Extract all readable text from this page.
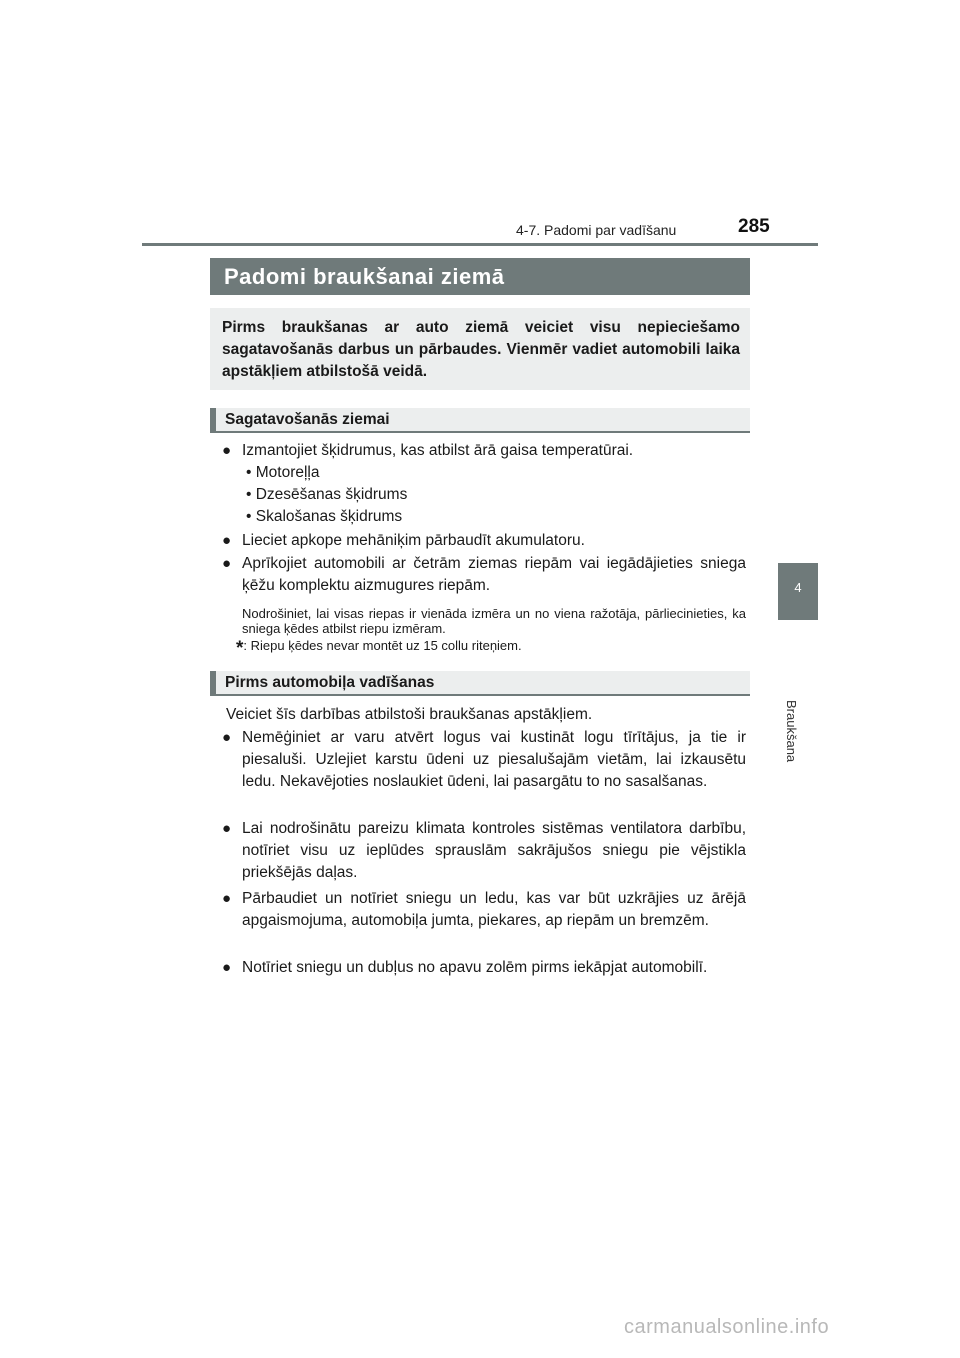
4-7. Padomi par vadīšanu	285
4
Braukšana
Padomi braukšanai ziemā
Pirms braukšanas ar auto ziemā veiciet visu nepieciešamo sagatavošanās darbus un pārbaudes. Vienmēr vadiet automobili laika apstākļiem atbilstošā veidā.
Sagatavošanās ziemai
● Izmantojiet šķidrumus, kas atbilst ārā gaisa temperatūrai.
• Motoreļļa
• Dzesēšanas šķidrums
• Skalošanas šķidrums
● Lieciet apkope mehāniķim pārbaudīt akumulatoru.
● Aprīkojiet automobili ar četrām ziemas riepām vai iegādājieties sniega ķēžu komplektu aizmugures riepām.
Nodrošiniet, lai visas riepas ir vienāda izmēra un no viena ražotāja, pārliecinieties, ka sniega ķēdes atbilst riepu izmēram.
*: Riepu ķēdes nevar montēt uz 15 collu riteņiem.
Pirms automobiļa vadīšanas
Veiciet šīs darbības atbilstoši braukšanas apstākļiem.
● Nemēģiniet ar varu atvērt logus vai kustināt logu tīrītājus, ja tie ir piesaluši. Uzlejiet karstu ūdeni uz piesalušajām vietām, lai izkausētu ledu. Nekavējoties noslaukiet ūdeni, lai pasargātu to no sasalšanas.
● Lai nodrošinātu pareizu klimata kontroles sistēmas ventilatora darbību, notīriet visu uz ieplūdes sprauslām sakrājušos sniegu pie vējstikla priekšējās daļas.
● Pārbaudiet un notīriet sniegu un ledu, kas var būt uzkrājies uz ārējā apgaismojuma, automobiļa jumta, piekares, ap riepām un bremzēm.
● Notīriet sniegu un dubļus no apavu zolēm pirms iekāpjat automobilī.
carmanualsonline.info
